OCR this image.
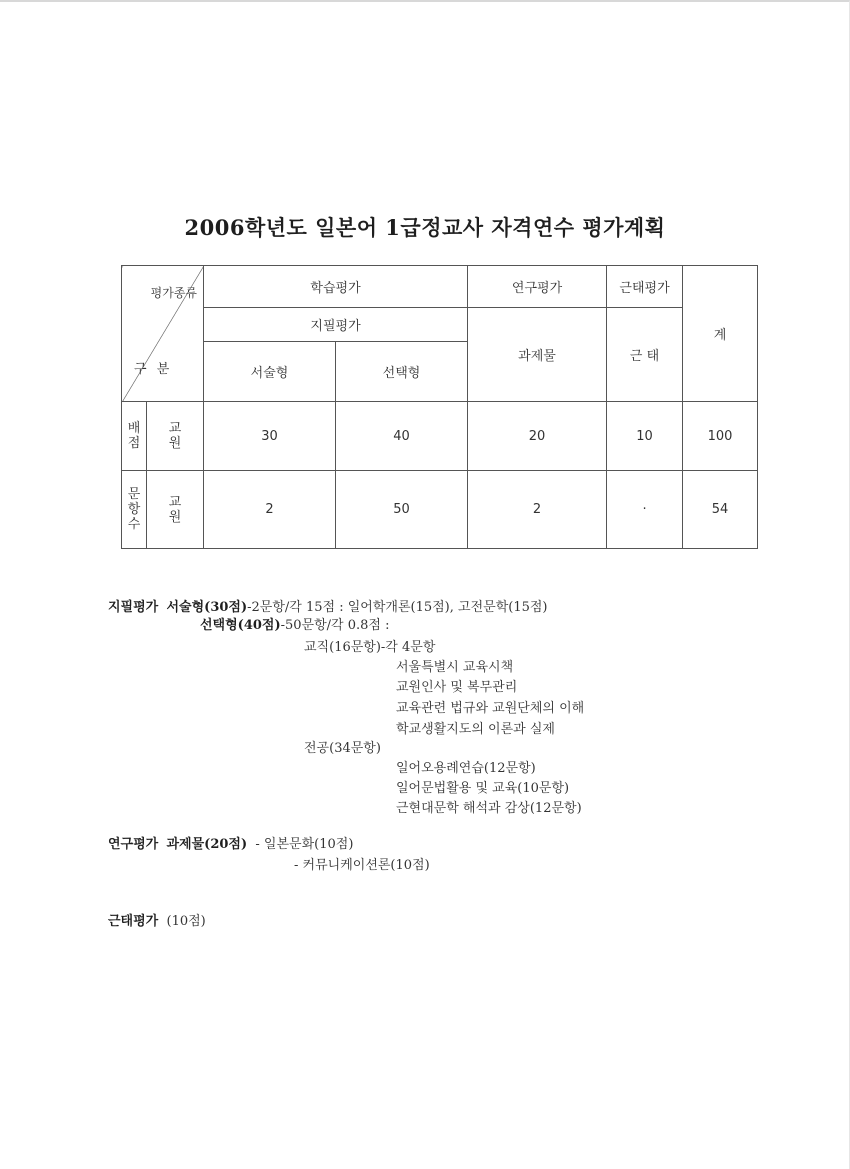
2006학년도 일본어 1급정교사 자격연수 평가계획
평가종류
구 분		학습평가		연구평가	근태평가	계
		지필평가		과제물	근 태	
		서술형	선택형			
배점	교원	30	40	20	10	100
문항수	교원	2	50	2	·	54
지필평가 서술형(30점)-2문항/각 15점 : 일어학개론(15점), 고전문학(15점)
선택형(40점)-50문항/각 0.8점 :
교직(16문항)-각 4문항
서울특별시 교육시책
교원인사 및 복무관리
교육관련 법규와 교원단체의 이해
학교생활지도의 이론과 실제
전공(34문항)
일어오용례연습(12문항)
일어문법활용 및 교육(10문항)
근현대문학 해석과 감상(12문항)
연구평가 과제물(20점) - 일본문화(10점)
- 커뮤니케이션론(10점)
근태평가 (10점)
